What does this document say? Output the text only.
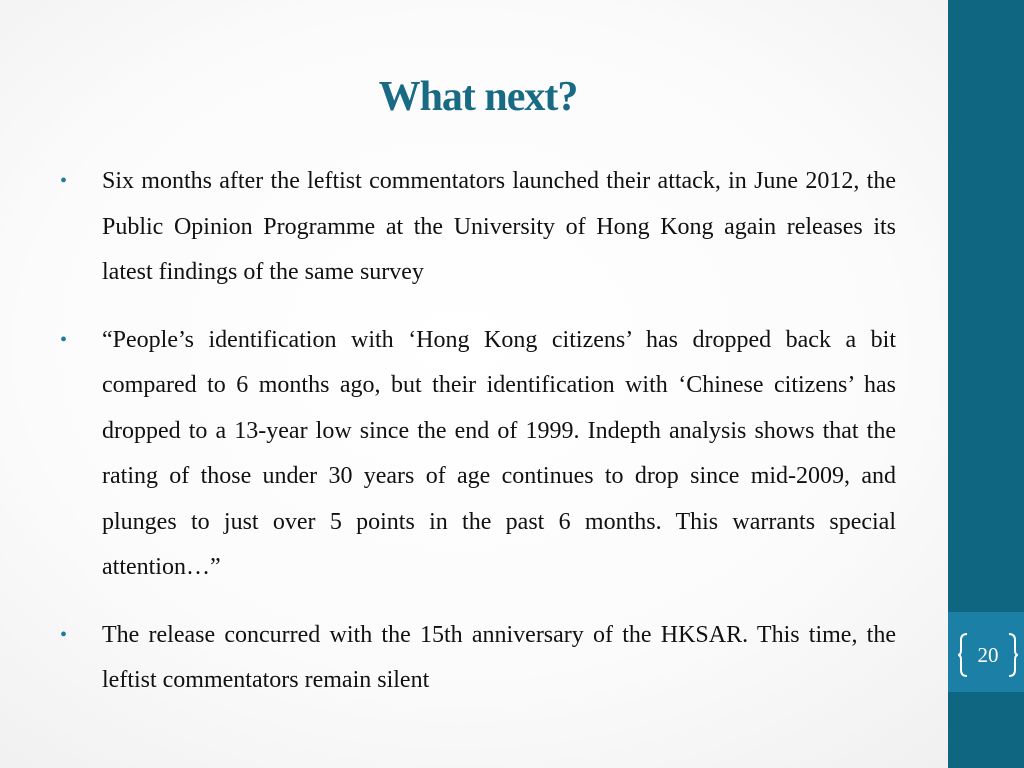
What next?
• Six months after the leftist commentators launched their attack, in June 2012, the Public Opinion Programme at the University of Hong Kong again releases its latest findings of the same survey
• “People’s identification with ‘Hong Kong citizens’ has dropped back a bit compared to 6 months ago, but their identification with ‘Chinese citizens’ has dropped to a 13-year low since the end of 1999. Indepth analysis shows that the rating of those under 30 years of age continues to drop since mid-2009, and plunges to just over 5 points in the past 6 months. This warrants special attention…”
• The release concurred with the 15th anniversary of the HKSAR. This time, the leftist commentators remain silent
20
